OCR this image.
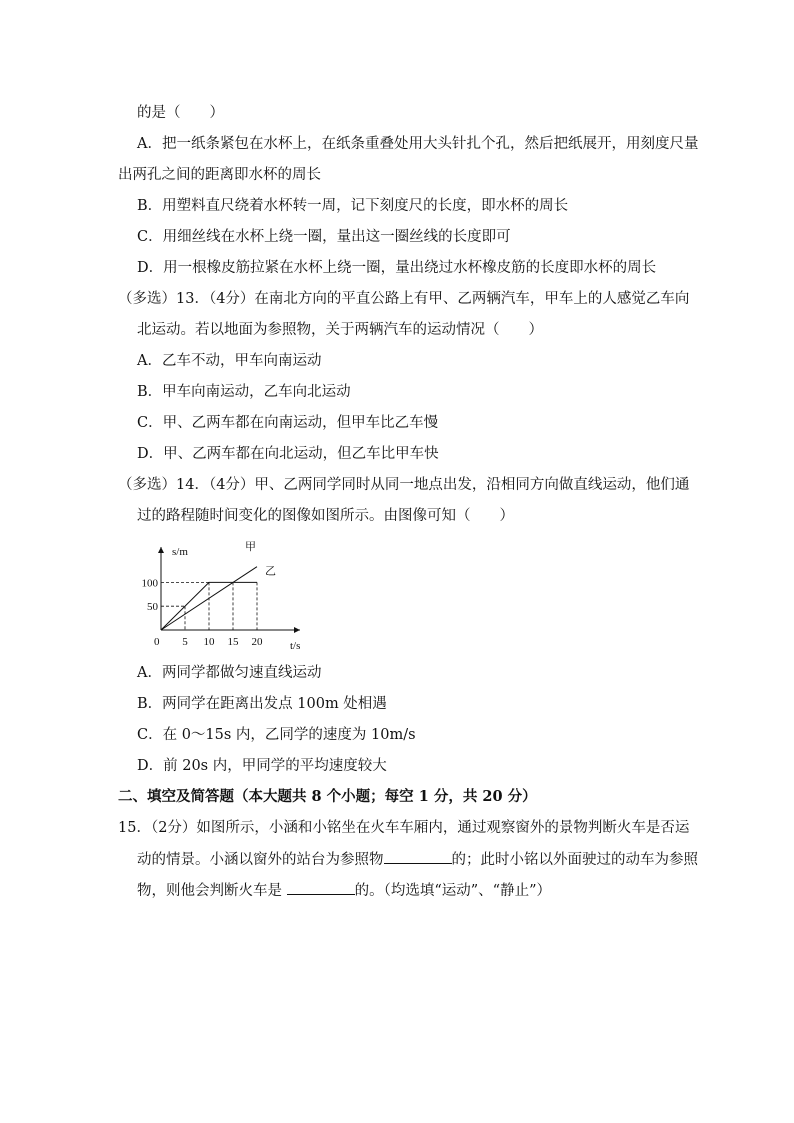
的是（　　）
A．把一纸条紧包在水杯上，在纸条重叠处用大头针扎个孔，然后把纸展开，用刻度尺量
出两孔之间的距离即水杯的周长
B．用塑料直尺绕着水杯转一周，记下刻度尺的长度，即水杯的周长
C．用细丝线在水杯上绕一圈，量出这一圈丝线的长度即可
D．用一根橡皮筋拉紧在水杯上绕一圈，量出绕过水杯橡皮筋的长度即水杯的周长
（多选）13．（4分）在南北方向的平直公路上有甲、乙两辆汽车，甲车上的人感觉乙车向
北运动。若以地面为参照物，关于两辆汽车的运动情况（　　）
A．乙车不动，甲车向南运动
B．甲车向南运动，乙车向北运动
C．甲、乙两车都在向南运动，但甲车比乙车慢
D．甲、乙两车都在向北运动，但乙车比甲车快
（多选）14．（4分）甲、乙两同学同时从同一地点出发，沿相同方向做直线运动，他们通
过的路程随时间变化的图像如图所示。由图像可知（　　）
甲
乙
5 10 15 20
50
100
s/m
t/s
0
A．两同学都做匀速直线运动
B．两同学在距离出发点 100m 处相遇
C．在 0～15s 内，乙同学的速度为 10m/s
D．前 20s 内，甲同学的平均速度较大
二、填空及简答题（本大题共 8 个小题；每空 1 分，共 20 分）
15．（2分）如图所示，小涵和小铭坐在火车车厢内，通过观察窗外的景物判断火车是否运
动的情景。小涵以窗外的站台为参照物	的；此时小铭以外面驶过的动车为参照
物，则他会判断火车是	的。（均选填“运动”、“静止”）
